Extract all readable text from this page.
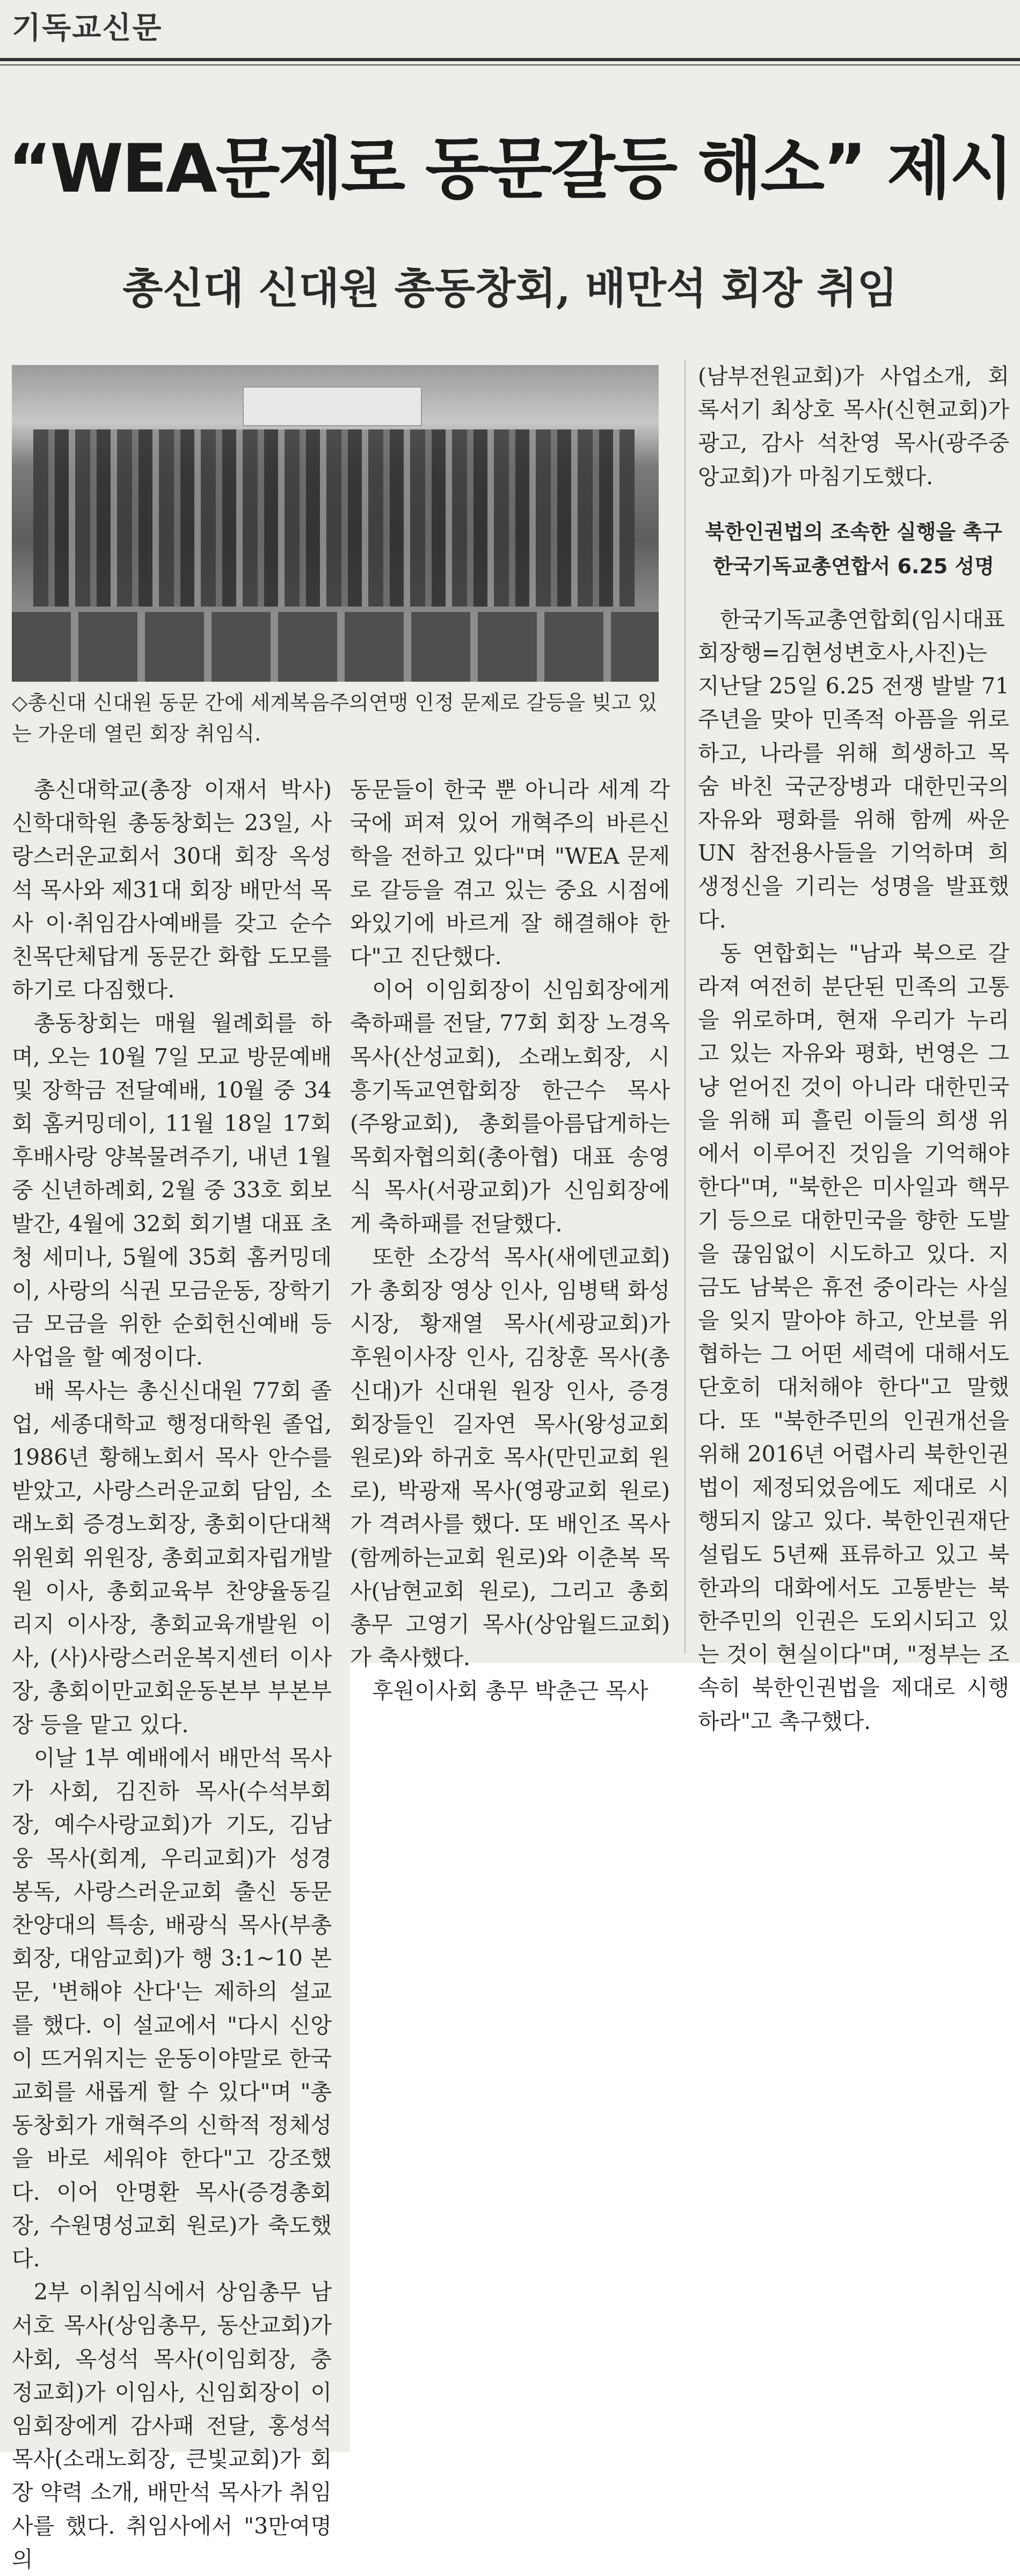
기독교신문
“WEA문제로 동문갈등 해소” 제시
총신대 신대원 총동창회, 배만석 회장 취임
◇총신대 신대원 동문 간에 세계복음주의연맹 인정 문제로 갈등을 빚고 있는 가운데 열린 회장 취임식.

총신대학교(총장 이재서 박사) 신학대학원 총동창회는 23일, 사랑스러운교회서 30대 회장 옥성석 목사와 제31대 회장 배만석 목사 이·취임감사예배를 갖고 순수 친목단체답게 동문간 화합 도모를 하기로 다짐했다.

총동창회는 매월 월례회를 하며, 오는 10월 7일 모교 방문예배 및 장학금 전달예배, 10월 중 34회 홈커밍데이, 11월 18일 17회 후배사랑 양복물려주기, 내년 1월 중 신년하례회, 2월 중 33호 회보 발간, 4월에 32회 회기별 대표 초청 세미나, 5월에 35회 홈커밍데이, 사랑의 식권 모금운동, 장학기금 모금을 위한 순회헌신예배 등 사업을 할 예정이다.

배 목사는 총신신대원 77회 졸업, 세종대학교 행정대학원 졸업, 1986년 황해노회서 목사 안수를 받았고, 사랑스러운교회 담임, 소래노회 증경노회장, 총회이단대책위원회 위원장, 총회교회자립개발원 이사, 총회교육부 찬양율동길리지 이사장, 총회교육개발원 이사, (사)사랑스러운복지센터 이사장, 총회이만교회운동본부 부본부장 등을 맡고 있다.

이날 1부 예배에서 배만석 목사가 사회, 김진하 목사(수석부회장, 예수사랑교회)가 기도, 김남웅 목사(회계, 우리교회)가 성경봉독, 사랑스러운교회 출신 동문 찬양대의 특송, 배광식 목사(부총회장, 대암교회)가 행 3:1~10 본문, '변해야 산다'는 제하의 설교를 했다. 이 설교에서 "다시 신앙이 뜨거워지는 운동이야말로 한국교회를 새롭게 할 수 있다"며 "총동창회가 개혁주의 신학적 정체성을 바로 세워야 한다"고 강조했다. 이어 안명환 목사(증경총회장, 수원명성교회 원로)가 축도했다.

2부 이취임식에서 상임총무 남서호 목사(상임총무, 동산교회)가 사회, 옥성석 목사(이임회장, 충정교회)가 이임사, 신임회장이 이임회장에게 감사패 전달, 홍성석 목사(소래노회장, 큰빛교회)가 회장 약력 소개, 배만석 목사가 취임사를 했다. 취임사에서 "3만여명의

동문들이 한국 뿐 아니라 세계 각국에 퍼져 있어 개혁주의 바른신학을 전하고 있다"며 "WEA 문제로 갈등을 겪고 있는 중요 시점에 와있기에 바르게 잘 해결해야 한다"고 진단했다.

이어 이임회장이 신임회장에게 축하패를 전달, 77회 회장 노경옥 목사(산성교회), 소래노회장, 시흥기독교연합회장 한근수 목사(주왕교회), 총회를아름답게하는목회자협의회(총아협) 대표 송영식 목사(서광교회)가 신임회장에게 축하패를 전달했다.

또한 소강석 목사(새에덴교회)가 총회장 영상 인사, 임병택 화성시장, 황재열 목사(세광교회)가 후원이사장 인사, 김창훈 목사(총신대)가 신대원 원장 인사, 증경회장들인 길자연 목사(왕성교회 원로)와 하귀호 목사(만민교회 원로), 박광재 목사(영광교회 원로)가 격려사를 했다. 또 배인조 목사(함께하는교회 원로)와 이춘복 목사(남현교회 원로), 그리고 총회 총무 고영기 목사(상암월드교회)가 축사했다.

후원이사회 총무 박춘근 목사

(남부전원교회)가 사업소개, 회록서기 최상호 목사(신현교회)가 광고, 감사 석찬영 목사(광주중앙교회)가 마침기도했다.

북한인권법의 조속한 실행을 촉구
한국기독교총연합서 6.25 성명

한국기독교총연합회(임시대표회장행=김현성변호사,사진)는 지난달 25일 6.25 전쟁 발발 71주년을 맞아 민족적 아픔을 위로하고, 나라를 위해 희생하고 목숨 바친 국군장병과 대한민국의 자유와 평화를 위해 함께 싸운 UN 참전용사들을 기억하며 희생정신을 기리는 성명을 발표했다.

동 연합회는 "남과 북으로 갈라져 여전히 분단된 민족의 고통을 위로하며, 현재 우리가 누리고 있는 자유와 평화, 번영은 그냥 얻어진 것이 아니라 대한민국을 위해 피 흘린 이들의 희생 위에서 이루어진 것임을 기억해야 한다"며, "북한은 미사일과 핵무기 등으로 대한민국을 향한 도발을 끊임없이 시도하고 있다. 지금도 남북은 휴전 중이라는 사실을 잊지 말아야 하고, 안보를 위협하는 그 어떤 세력에 대해서도 단호히 대처해야 한다"고 말했다. 또 "북한주민의 인권개선을 위해 2016년 어렵사리 북한인권법이 제정되었음에도 제대로 시행되지 않고 있다. 북한인권재단 설립도 5년째 표류하고 있고 북한과의 대화에서도 고통받는 북한주민의 인권은 도외시되고 있는 것이 현실이다"며, "정부는 조속히 북한인권법을 제대로 시행하라"고 촉구했다.
